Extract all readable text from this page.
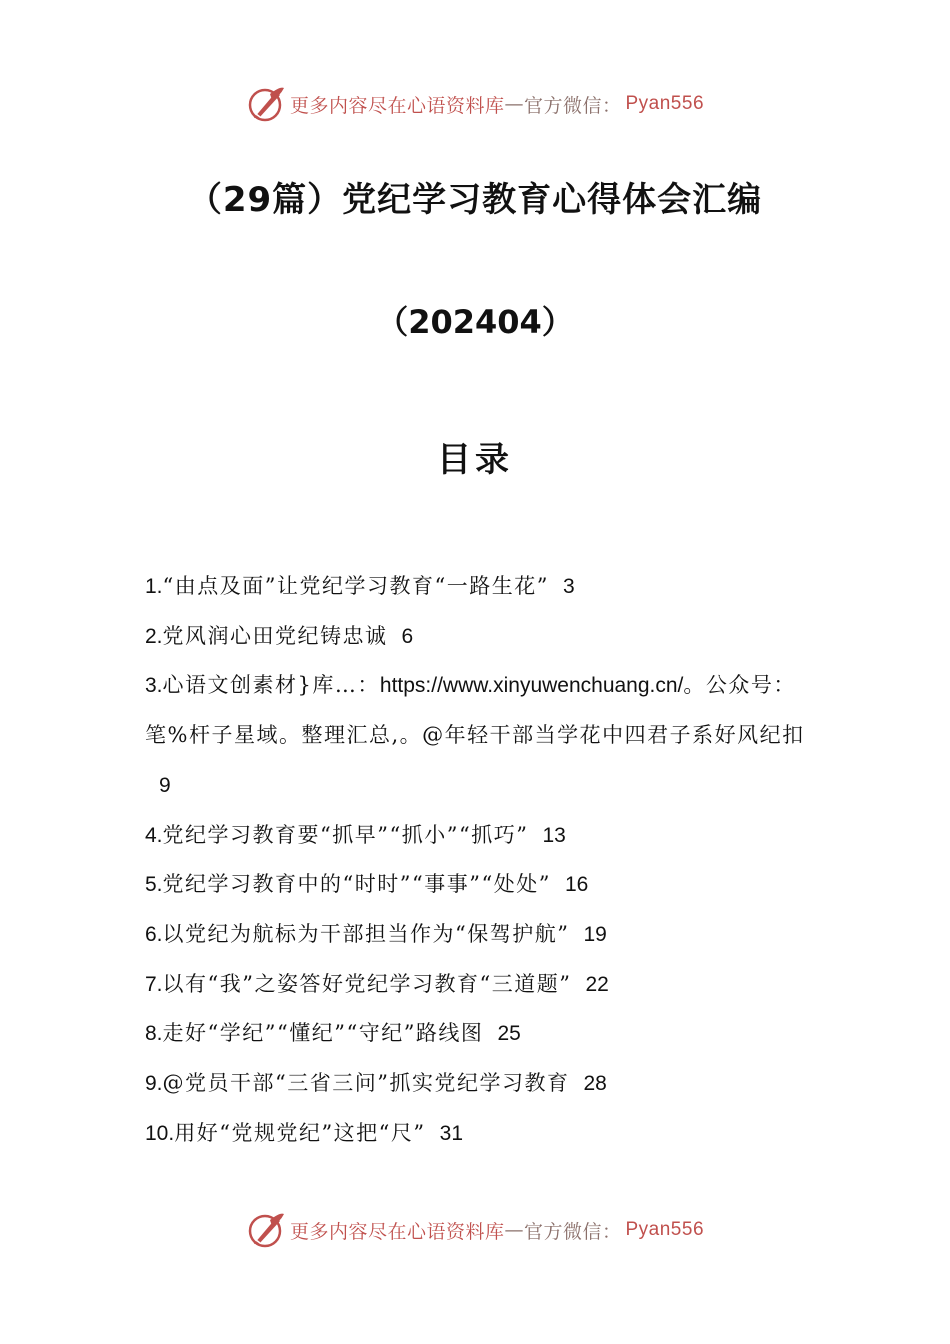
更多内容尽在心语资料库 — 官方微信： Pyan556
（29篇）党纪学习教育心得体会汇编
（202404）
目录
1.“由点及面”让党纪学习教育“一路生花” 3
2.党风润心田党纪铸忠诚 6
3.心语文创素材}库…：https://www.xinyuwenchuang.cn/。公众号：笔%杆子星域。整理汇总,。@年轻干部当学花中四君子系好风纪扣9
4.党纪学习教育要“抓早”“抓小”“抓巧” 13
5.党纪学习教育中的“时时”“事事”“处处” 16
6.以党纪为航标为干部担当作为“保驾护航” 19
7.以有“我”之姿答好党纪学习教育“三道题” 22
8.走好“学纪”“懂纪”“守纪”路线图 25
9.@党员干部“三省三问”抓实党纪学习教育 28
10.用好“党规党纪”这把“尺” 31
更多内容尽在心语资料库 — 官方微信： Pyan556
